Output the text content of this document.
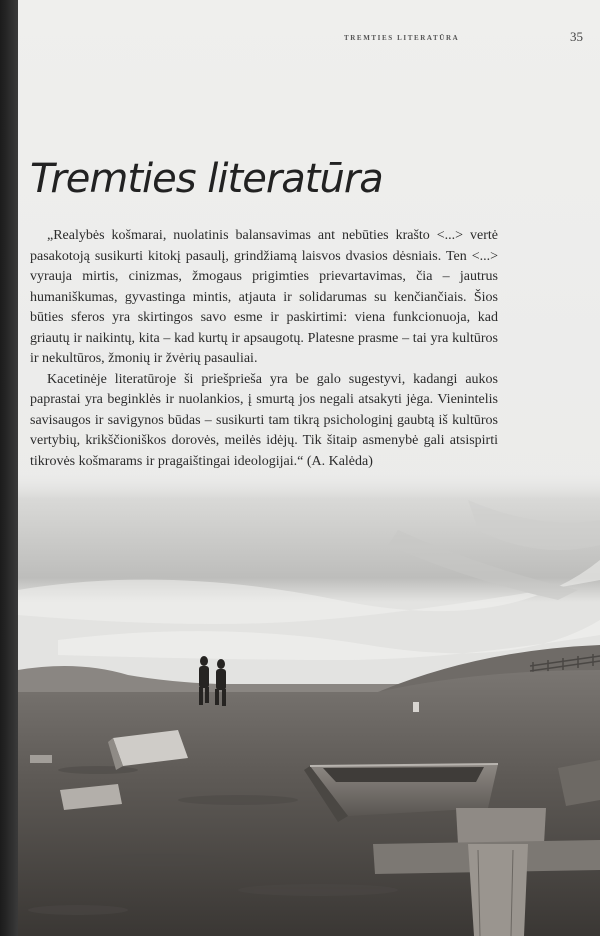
TREMTIES LITERATŪRA	35
Tremties literatūra

„Realybės košmarai, nuolatinis balansavimas ant nebūties krašto <...> vertė pasakotoją susikurti kitokį pasaulį, grindžiamą laisvos dvasios dėsniais. Ten <...> vyrauja mirtis, cinizmas, žmogaus prigimties prievartavimas, čia – jautrus humaniškumas, gyvastinga mintis, atjauta ir solidarumas su kenčiančiais. Šios būties sferos yra skirtingos savo esme ir paskirtimi: viena funkcionuoja, kad griautų ir naikintų, kita – kad kurtų ir apsaugotų. Platesne prasme – tai yra kultūros ir nekultūros, žmonių ir žvėrių pasauliai.

Kacetinėje literatūroje ši priešprieša yra be galo sugestyvi, kadangi aukos paprastai yra beginklės ir nuolankios, į smurtą jos negali atsakyti jėga. Vienintelis savisaugos ir savigynos būdas – susikurti tam tikrą psichologinį gaubtą iš kultūros vertybių, krikščioniškos dorovės, meilės idėjų. Tik šitaip asmenybė gali atsispirti tikrovės košmarams ir pragaištingai ideologijai.“ (A. Kalėda)
